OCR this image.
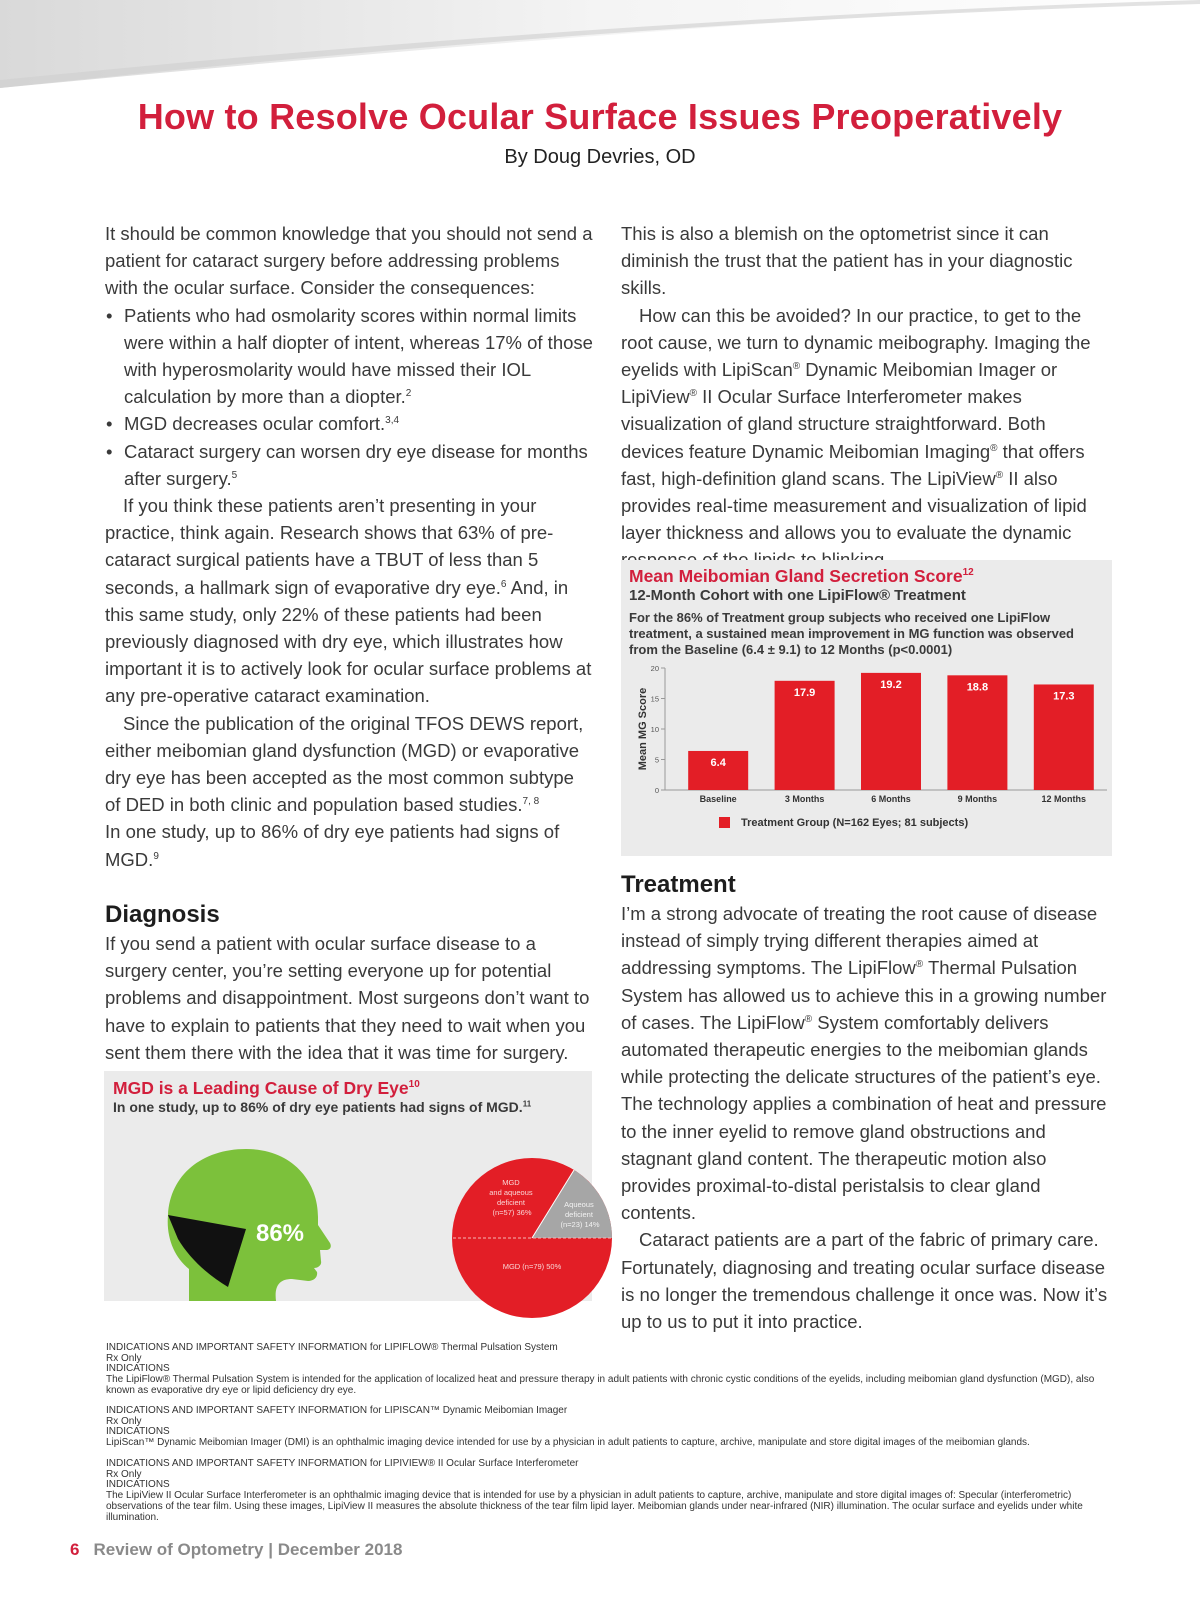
How to Resolve Ocular Surface Issues Preoperatively
By Doug Devries, OD

It should be common knowledge that you should not send a patient for cataract surgery before addressing problems with the ocular surface. Consider the consequences:

• Patients who had osmolarity scores within normal limits were within a half diopter of intent, whereas 17% of those with hyperosmolarity would have missed their IOL calculation by more than a diopter.$^2$
• MGD decreases ocular comfort.$^{3,4}$
• Cataract surgery can worsen dry eye disease for months after surgery.$^5$

If you think these patients aren’t presenting in your practice, think again. Research shows that 63% of pre-cataract surgical patients have a TBUT of less than 5 seconds, a hallmark sign of evaporative dry eye.$^6$ And, in this same study, only 22% of these patients had been previously diagnosed with dry eye, which illustrates how important it is to actively look for ocular surface problems at any pre-operative cataract examination.

Since the publication of the original TFOS DEWS report, either meibomian gland dysfunction (MGD) or evaporative dry eye has been accepted as the most common subtype of DED in both clinic and population based studies.$^{7, 8}$

In one study, up to 86% of dry eye patients had signs of MGD.$^9$

Diagnosis

If you send a patient with ocular surface disease to a surgery center, you’re setting everyone up for potential problems and disappointment. Most surgeons don’t want to have to explain to patients that they need to wait when you sent them there with the idea that it was time for surgery.

MGD is a Leading Cause of Dry Eye$^{10}$
In one study, up to 86% of dry eye patients had signs of MGD.$^{11}$
86%
MGD and aqueous deficient (n=57) 36%
Aqueous deficient (n=23) 14%
MGD (n=79) 50%

This is also a blemish on the optometrist since it can diminish the trust that the patient has in your diagnostic skills.

How can this be avoided? In our practice, to get to the root cause, we turn to dynamic meibography. Imaging the eyelids with LipiScan® Dynamic Meibomian Imager or LipiView® II Ocular Surface Interferometer makes visualization of gland structure straightforward. Both devices feature Dynamic Meibomian Imaging® that offers fast, high-definition gland scans. The LipiView® II also provides real-time measurement and visualization of lipid layer thickness and allows you to evaluate the dynamic

Mean Meibomian Gland Secretion Score$^{12}$
12-Month Cohort with one LipiFlow® Treatment
For the 86% of Treatment group subjects who received one LipiFlow treatment, a sustained mean improvement in MG function was observed from the Baseline (6.4 ± 9.1) to 12 Months (p<0.0001)
0
5
10
15
20
Mean MG Score	6.4
Baseline
17.9
3 Months
19.2
6 Months
18.8
9 Months
17.3
12 Months
Treatment Group (N=162 Eyes; 81 subjects)
Treatment

I’m a strong advocate of treating the root cause of disease instead of simply trying different therapies aimed at addressing symptoms. The LipiFlow® Thermal Pulsation System has allowed us to achieve this in a growing number of cases. The LipiFlow® System comfortably delivers automated therapeutic energies to the meibomian glands while protecting the delicate structures of the patient’s eye. The technology applies a combination of heat and pressure to the inner eyelid to remove gland obstructions and stagnant gland content. The therapeutic motion also provides proximal-to-distal peristalsis to clear gland contents.

Cataract patients are a part of the fabric of primary care. Fortunately, diagnosing and treating ocular surface disease is no longer the tremendous challenge it once was. Now it’s up to us to put it into practice.

INDICATIONS AND IMPORTANT SAFETY INFORMATION for LIPIFLOW® Thermal Pulsation System
Rx Only
INDICATIONS
The LipiFlow® Thermal Pulsation System is intended for the application of localized heat and pressure therapy in adult patients with chronic cystic conditions of the eyelids, including meibomian gland dysfunction (MGD), also known as evaporative dry eye or lipid deficiency dry eye.
INDICATIONS AND IMPORTANT SAFETY INFORMATION for LIPISCAN™ Dynamic Meibomian Imager
Rx Only
INDICATIONS
LipiScan™ Dynamic Meibomian Imager (DMI) is an ophthalmic imaging device intended for use by a physician in adult patients to capture, archive, manipulate and store digital images of the meibomian glands.
INDICATIONS AND IMPORTANT SAFETY INFORMATION for LIPIVIEW® II Ocular Surface Interferometer
Rx Only
INDICATIONS
The LipiView II Ocular Surface Interferometer is an ophthalmic imaging device that is intended for use by a physician in adult patients to capture, archive, manipulate and store digital images of: Specular (interferometric) observations of the tear film. Using these images, LipiView II measures the absolute thickness of the tear film lipid layer. Meibomian glands under near-infrared (NIR) illumination. The ocular surface and eyelids under white illumination.
6 Review of Optometry | December 2018
